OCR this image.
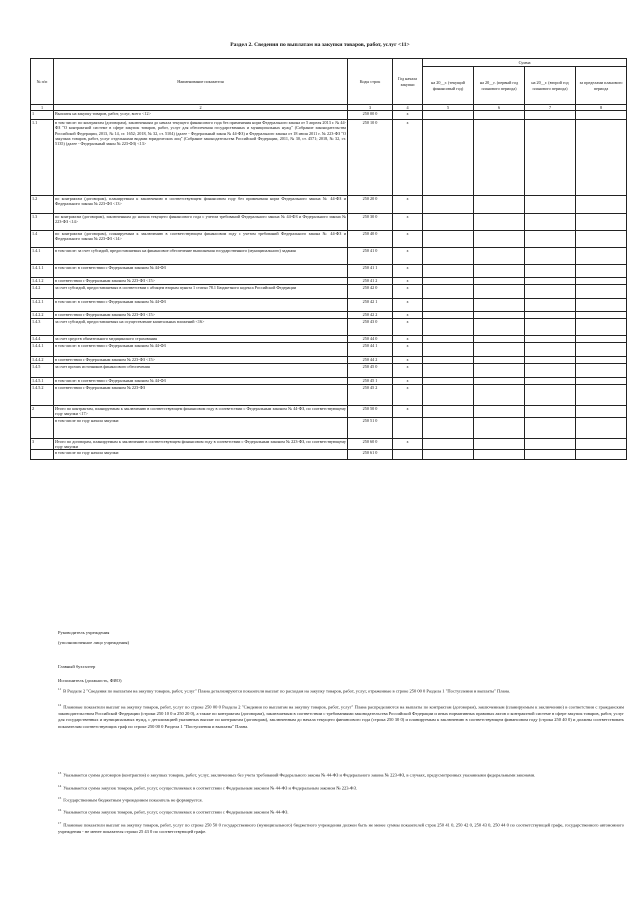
Раздел 2. Сведения по выплатам на закупки товаров, работ, услуг <11>
№ п/п	Наименование показателя	Коды строк	Год начала закупки	Сумма			
				на 20__г. (текущий финансовый год)	на 20__г. (первый год планового периода)	на 20__г. (второй год планового периода)	за пределами планового периода
1	2	3	4	5	6	7	8
1	Выплаты на закупку товаров, работ, услуг, всего <12>	250 00 0	x				
1.1	в том числе: по контрактам (договорам), заключенным до начала текущего финансового года без применения норм Федерального закона от 5 апреля 2013 г. № 44-ФЗ "О контрактной системе в сфере закупок товаров, работ, услуг для обеспечения государственных и муниципальных нужд" (Собрание законодательства Российской Федерации, 2013, № 14, ст. 1652; 2018, № 32, ст. 5104) (далее - Федеральный закон № 44-ФЗ) и Федерального закона от 18 июля 2011 г. № 223-ФЗ "О закупках товаров, работ, услуг отдельными видами юридических лиц" (Собрание законодательства Российской Федерации, 2011, № 30, ст. 4571; 2018, № 32, ст. 5135) (далее - Федеральный закон № 223-ФЗ) <13>	250 10 0	x				
1.2	по контрактам (договорам), планируемым к заключению в соответствующем финансовом году без применения норм Федерального закона № 44-ФЗ и Федерального закона № 223-ФЗ <13>	250 20 0	x				
1.3	по контрактам (договорам), заключенным до начала текущего финансового года с учетом требований Федерального закона № 44-ФЗ и Федерального закона № 223-ФЗ <14>	250 30 0	x				
1.4	по контрактам (договорам), планируемым к заключению в соответствующем финансовом году с учетом требований Федерального закона № 44-ФЗ и Федерального закона № 223-ФЗ <14>	250 40 0	x				
1.4.1	в том числе: за счет субсидий, предоставляемых на финансовое обеспечение выполнения государственного (муниципального) задания	250 41 0	x				
1.4.1.1	в том числе: в соответствии с Федеральным законом № 44-ФЗ	250 41 1	x				
1.4.1.2	в соответствии с Федеральным законом № 223-ФЗ <15>	250 41 2	x				
1.4.2	за счет субсидий, предоставляемых в соответствии с абзацем вторым пункта 1 статьи 78.1 Бюджетного кодекса Российской Федерации	250 42 0	x				
1.4.2.1	в том числе: в соответствии с Федеральным законом № 44-ФЗ	250 42 1	x				
1.4.2.2	в соответствии с Федеральным законом № 223-ФЗ <15>	250 42 2	x				
1.4.3	за счет субсидий, предоставляемых на осуществление капитальных вложений <16>	250 43 0	x				
1.4.4	за счет средств обязательного медицинского страхования	250 44 0	x				
1.4.4.1	в том числе: в соответствии с Федеральным законом № 44-ФЗ	250 44 1	x				
1.4.4.2	в соответствии с Федеральным законом № 223-ФЗ <15>	250 44 2	x				
1.4.5	за счет прочих источников финансового обеспечения	250 45 0	x				
1.4.5.1	в том числе: в соответствии с Федеральным законом № 44-ФЗ	250 45 1	x				
1.4.5.2	в соответствии с Федеральным законом № 223-ФЗ	250 45 2	x				
2	Итого по контрактам, планируемым к заключению в соответствующем финансовом году в соответствии с Федеральным законом № 44-ФЗ, по соответствующему году закупки <17>	250 50 0	x				
	в том числе по году начала закупки:	250 51 0					
3	Итого по договорам, планируемым к заключению в соответствующем финансовом году в соответствии с Федеральным законом № 223-ФЗ, по соответствующему году закупки	250 60 0	x				
	в том числе по году начала закупки:	250 61 0					
Руководитель учреждения
(уполномоченное лицо учреждения)
Главный бухгалтер
Исполнитель (должность, ФИО)
$^{11}$ В Разделе 2 "Сведения по выплатам на закупку товаров, работ, услуг" Плана детализируются показатели выплат по расходам на закупку товаров, работ, услуг, отраженные в строке 250 00 0 Раздела 1 "Поступления и выплаты" Плана.
$^{12}$ Плановые показатели выплат на закупку товаров, работ, услуг по строке 250 00 0 Раздела 2 "Сведения по выплатам на закупку товаров, работ, услуг" Плана распределяются на выплаты по контрактам (договорам), заключенным (планируемым к заключению) в соответствии с гражданским законодательством Российской Федерации (строки 250 10 0 и 250 20 0), а также по контрактам (договорам), заключаемым в соответствии с требованиями законодательства Российской Федерации и иных нормативных правовых актов о контрактной системе в сфере закупок товаров, работ, услуг для государственных и муниципальных нужд, с детализацией указанных выплат по контрактам (договорам), заключенным до начала текущего финансового года (строка 250 30 0) и планируемым к заключению в соответствующем финансовом году (строка 250 40 0) и должны соответствовать показателям соответствующих граф по строке 250 00 0 Раздела 1 "Поступления и выплаты" Плана.
$^{13}$ Указывается сумма договоров (контрактов) о закупках товаров, работ, услуг, заключенных без учета требований Федерального закона № 44-ФЗ и Федерального закона № 223-ФЗ, в случаях, предусмотренных указанными федеральными законами.
$^{14}$ Указывается сумма закупок товаров, работ, услуг, осуществляемых в соответствии с Федеральным законом № 44-ФЗ и Федеральным законом № 223-ФЗ.
$^{15}$ Государственным бюджетным учреждением показатель не формируется.
$^{16}$ Указывается сумма закупок товаров, работ, услуг, осуществляемых в соответствии с Федеральным законом № 44-ФЗ.
$^{17}$ Плановые показатели выплат на закупку товаров, работ, услуг по строке 250 50 0 государственного (муниципального) бюджетного учреждения должен быть не менее суммы показателей строк 250 41 0, 250 42 0, 250 43 0, 250 44 0 по соответствующей графе, государственного автономного учреждения - не менее показателя строки 25 43 0 по соответствующей графе.
